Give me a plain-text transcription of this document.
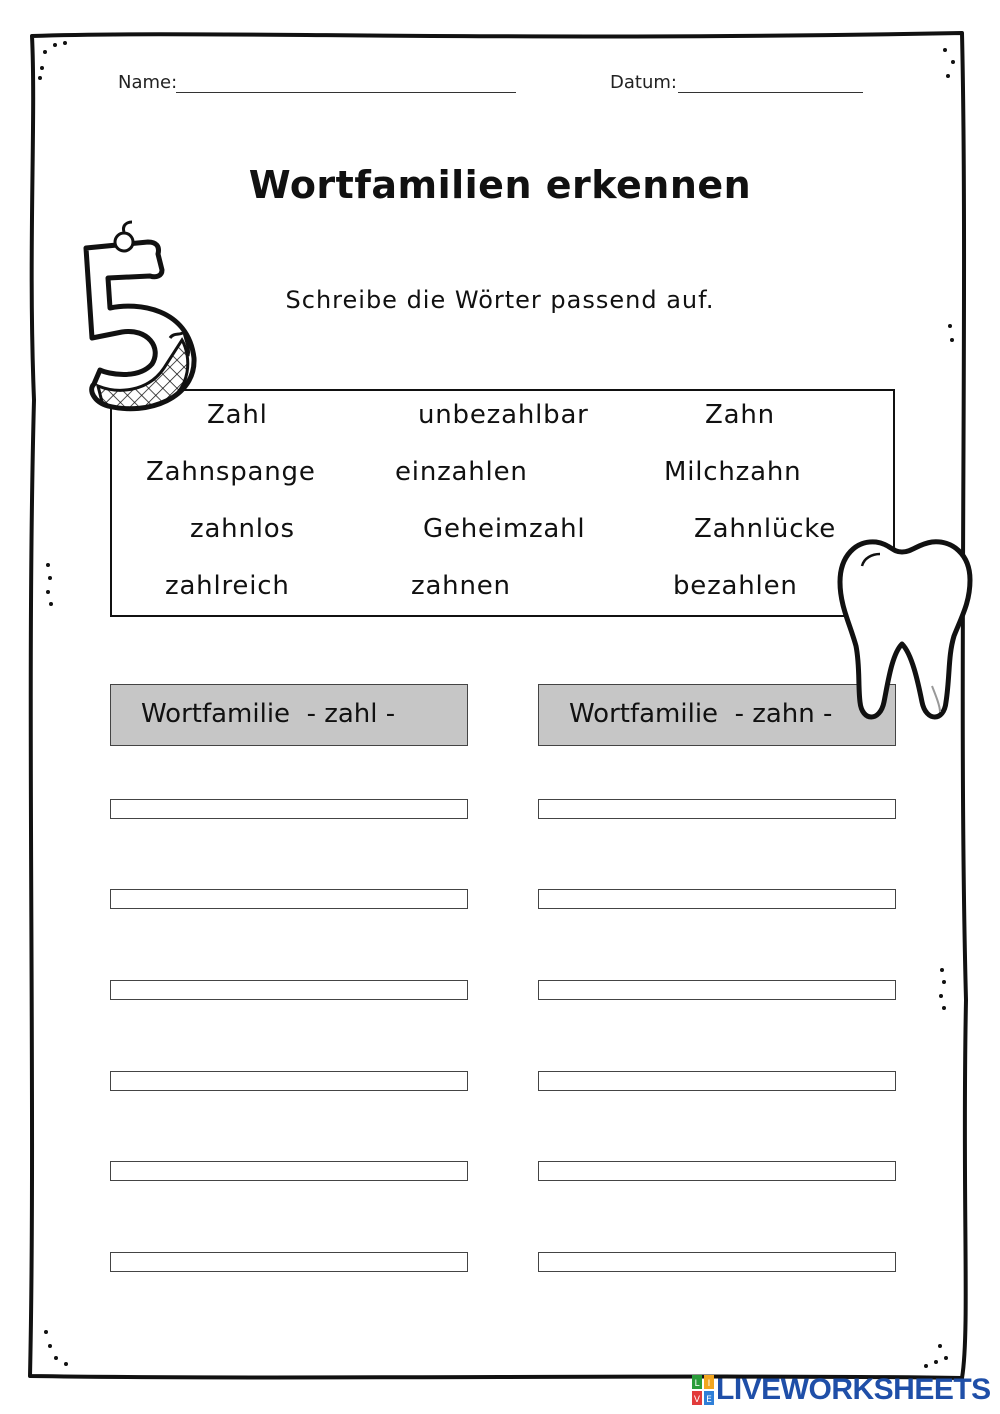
Name:	Datum:
Wortfamilien erkennen
Schreibe die Wörter passend auf.
Zahl	unbezahlbar	Zahn
Zahnspange	einzahlen	Milchzahn
zahnlos	Geheimzahl	Zahnlücke
zahlreich	zahnen	bezahlen
Wortfamilie  - zahl -	Wortfamilie  - zahn -
L I
V E LIVEWORKSHEETS
